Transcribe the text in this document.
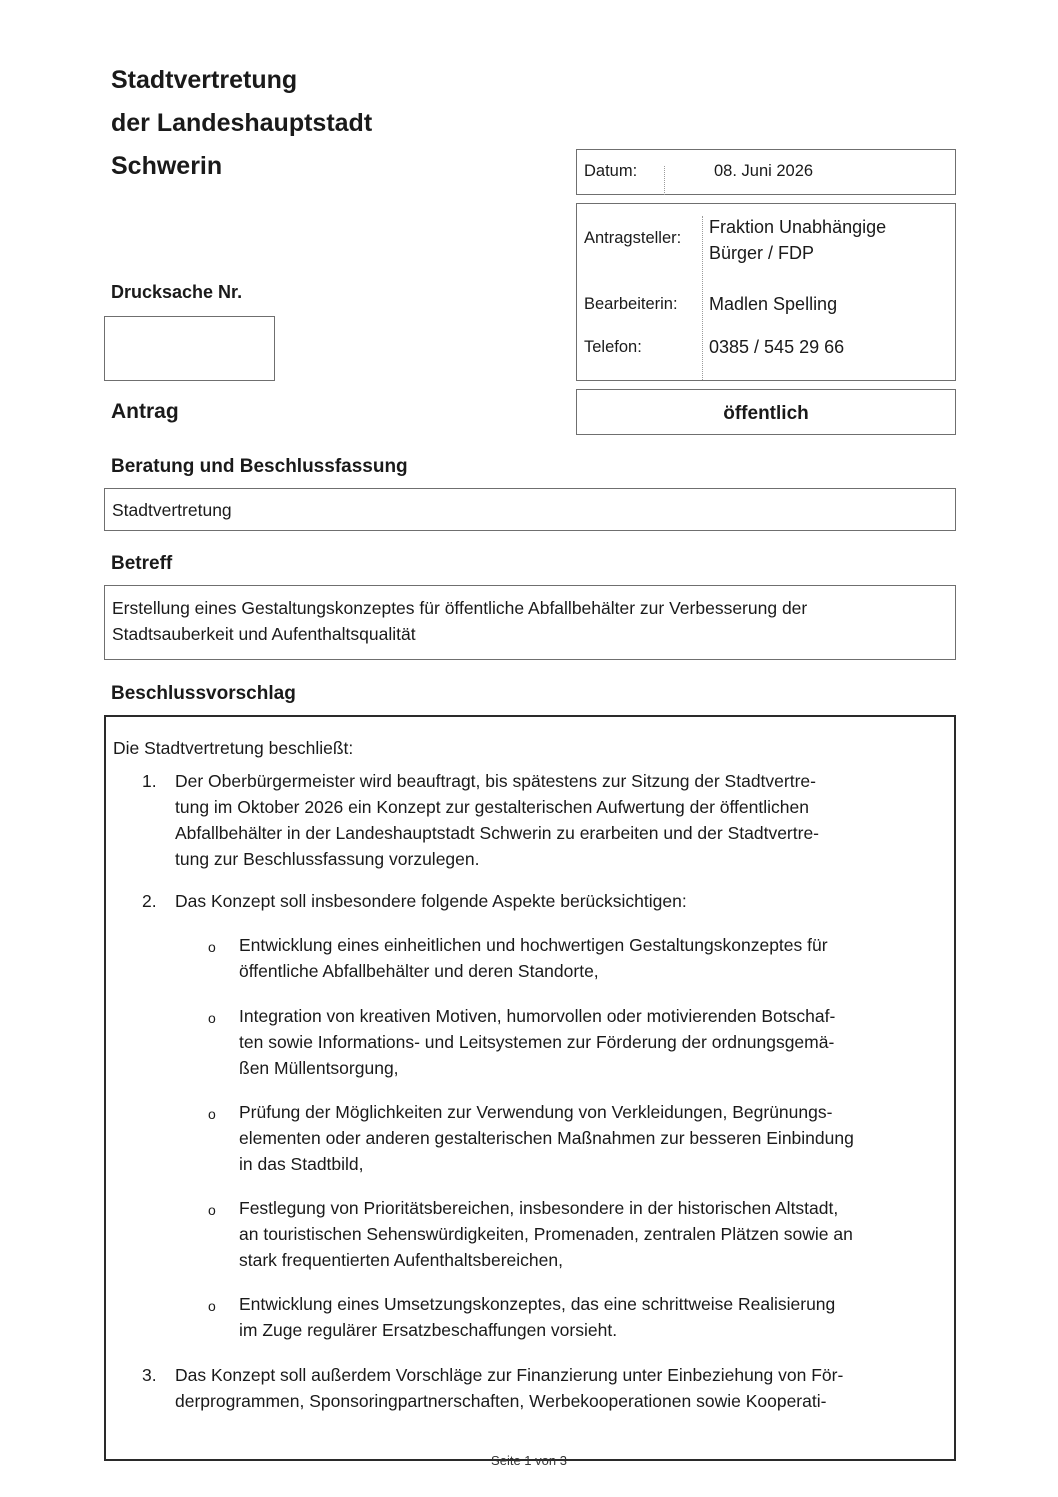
Stadtvertretung
der Landeshauptstadt
Schwerin
Drucksache Nr.
Datum:	08. Juni 2026
Antragsteller:
Fraktion Unabhängige
Bürger / FDP
Bearbeiterin: Madlen Spelling
Telefon:	0385 / 545 29 66
Antrag	öffentlich
Beratung und Beschlussfassung
Stadtvertretung
Betreff
Erstellung eines Gestaltungskonzeptes für öffentliche Abfallbehälter zur Verbesserung der
Stadtsauberkeit und Aufenthaltsqualität
Beschlussvorschlag
Die Stadtvertretung beschließt:
1. Der Oberbürgermeister wird beauftragt, bis spätestens zur Sitzung der Stadtvertre-
tung im Oktober 2026 ein Konzept zur gestalterischen Aufwertung der öffentlichen
Abfallbehälter in der Landeshauptstadt Schwerin zu erarbeiten und der Stadtvertre-
tung zur Beschlussfassung vorzulegen.
2. Das Konzept soll insbesondere folgende Aspekte berücksichtigen:
o Entwicklung eines einheitlichen und hochwertigen Gestaltungskonzeptes für
öffentliche Abfallbehälter und deren Standorte,
o Integration von kreativen Motiven, humorvollen oder motivierenden Botschaf-
ten sowie Informations- und Leitsystemen zur Förderung der ordnungsgemä-
ßen Müllentsorgung,
o Prüfung der Möglichkeiten zur Verwendung von Verkleidungen, Begrünungs-
elementen oder anderen gestalterischen Maßnahmen zur besseren Einbindung
in das Stadtbild,
o Festlegung von Prioritätsbereichen, insbesondere in der historischen Altstadt,
an touristischen Sehenswürdigkeiten, Promenaden, zentralen Plätzen sowie an
stark frequentierten Aufenthaltsbereichen,
o Entwicklung eines Umsetzungskonzeptes, das eine schrittweise Realisierung
im Zuge regulärer Ersatzbeschaffungen vorsieht.
3. Das Konzept soll außerdem Vorschläge zur Finanzierung unter Einbeziehung von För-
derprogrammen, Sponsoringpartnerschaften, Werbekooperationen sowie Kooperati-
Seite 1 von 3
